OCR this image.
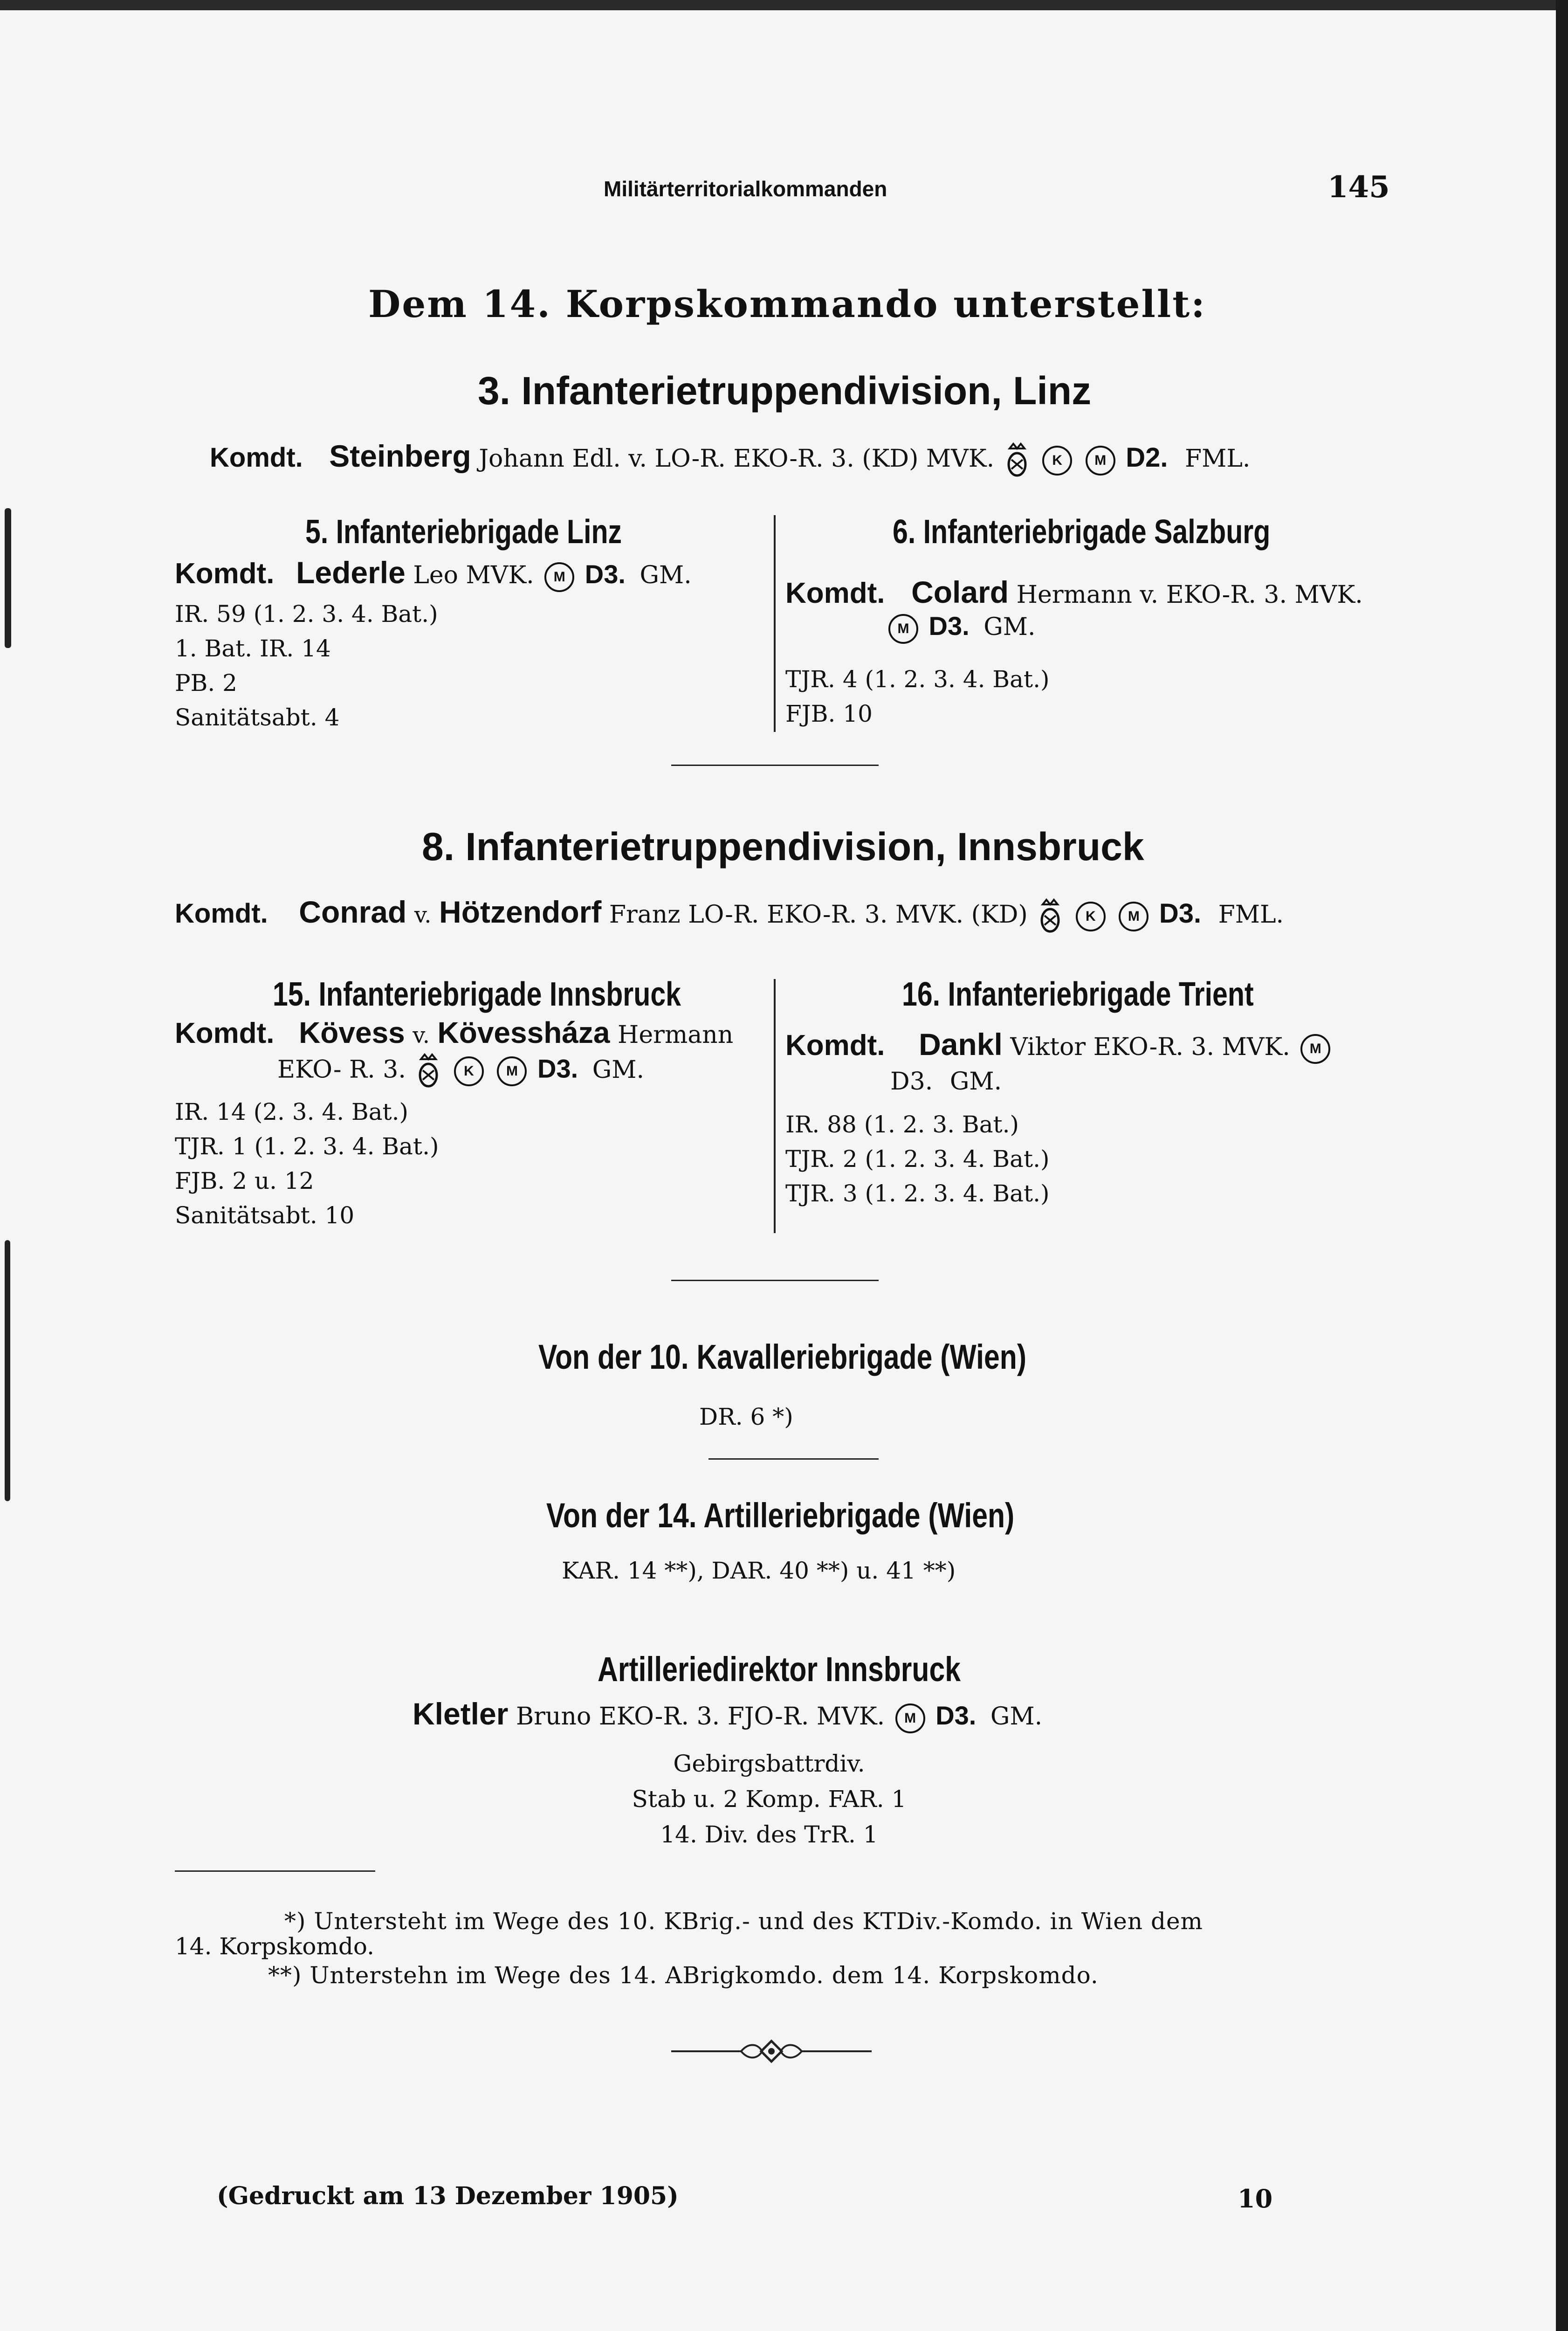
Militärterritorialkommanden	145
Dem 14. Korpskommando unterstellt:
3. Infanterietruppendivision, Linz
Komdt. Steinberg Johann Edl. v. LO-R. EKO-R. 3. (KD) MVK.	K M D2. FML.
5. Infanteriebrigade Linz
Komdt. Lederle Leo MVK. M D3. GM.
IR. 59 (1. 2. 3. 4. Bat.)
1. Bat. IR. 14
PB. 2
Sanitätsabt. 4
6. Infanteriebrigade Salzburg
Komdt. Colard Hermann v. EKO-R. 3. MVK.
M D3. GM.
TJR. 4 (1. 2. 3. 4. Bat.)
FJB. 10
8. Infanterietruppendivision, Innsbruck
Komdt. Conrad v. Hötzendorf Franz LO-R. EKO-R. 3. MVK. (KD)	K M D3. FML.
15. Infanteriebrigade Innsbruck
Komdt. Kövess v. Kövessháza Hermann
EKO- R. 3.	K M D3. GM.
IR. 14 (2. 3. 4. Bat.)
TJR. 1 (1. 2. 3. 4. Bat.)
FJB. 2 u. 12
Sanitätsabt. 10
16. Infanteriebrigade Trient
Komdt. Dankl Viktor EKO-R. 3. MVK. M
D3. GM.
IR. 88 (1. 2. 3. Bat.)
TJR. 2 (1. 2. 3. 4. Bat.)
TJR. 3 (1. 2. 3. 4. Bat.)
Von der 10. Kavalleriebrigade (Wien)
DR. 6 *)
Von der 14. Artilleriebrigade (Wien)
KAR. 14 **), DAR. 40 **) u. 41 **)
Artilleriedirektor Innsbruck
Kletler Bruno EKO-R. 3. FJO-R. MVK. M D3. GM.
Gebirgsbattrdiv.
Stab u. 2 Komp. FAR. 1
14. Div. des TrR. 1
*) Untersteht im Wege des 10. KBrig.- und des KTDiv.-Komdo. in Wien dem
14. Korpskomdo.
**) Unterstehn im Wege des 14. ABrigkomdo. dem 14. Korpskomdo.
(Gedruckt am 13 Dezember 1905)	10
